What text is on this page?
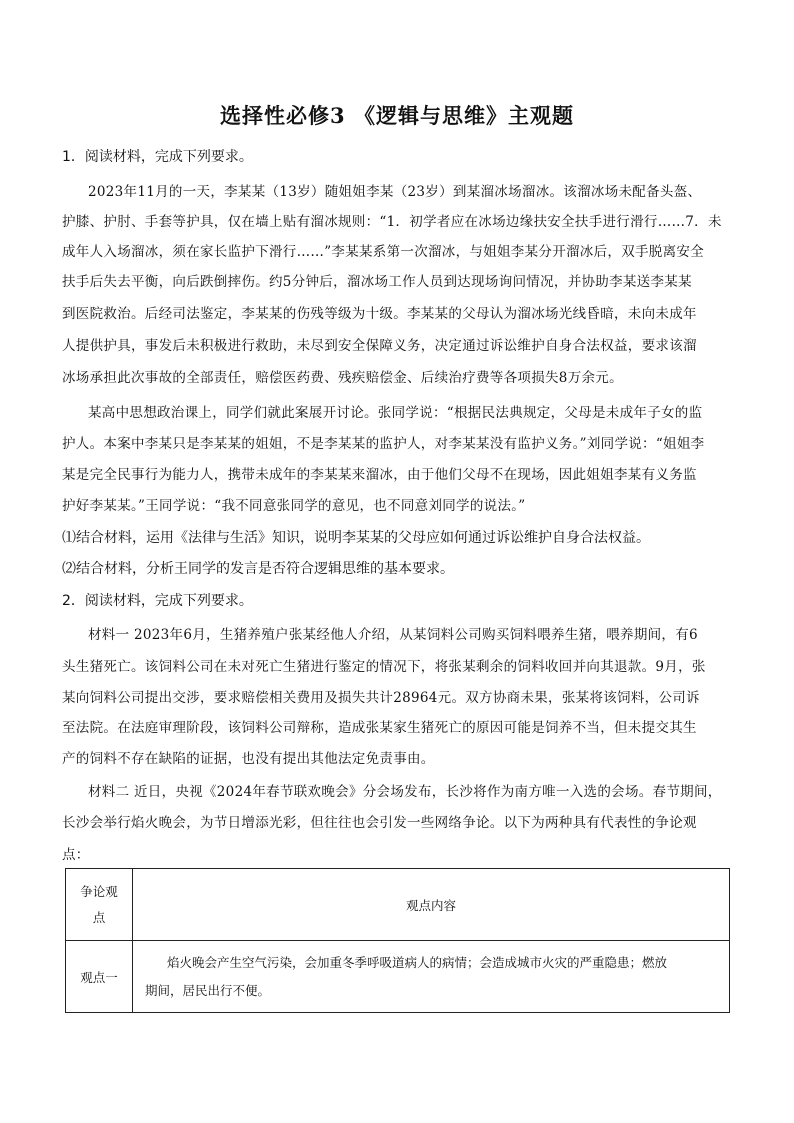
选择性必修3 《逻辑与思维》主观题
1．阅读材料，完成下列要求。
2023年11月的一天，李某某（13岁）随姐姐李某（23岁）到某溜冰场溜冰。该溜冰场未配备头盔、
护膝、护肘、手套等护具，仅在墙上贴有溜冰规则：“1．初学者应在冰场边缘扶安全扶手进行滑行……7．未
成年人入场溜冰，须在家长监护下滑行……”李某某系第一次溜冰，与姐姐李某分开溜冰后，双手脱离安全
扶手后失去平衡，向后跌倒摔伤。约5分钟后，溜冰场工作人员到达现场询问情况，并协助李某送李某某
到医院救治。后经司法鉴定，李某某的伤残等级为十级。李某某的父母认为溜冰场光线昏暗，未向未成年
人提供护具，事发后未积极进行救助，未尽到安全保障义务，决定通过诉讼维护自身合法权益，要求该溜
冰场承担此次事故的全部责任，赔偿医药费、残疾赔偿金、后续治疗费等各项损失8万余元。
某高中思想政治课上，同学们就此案展开讨论。张同学说：“根据民法典规定，父母是未成年子女的监
护人。本案中李某只是李某某的姐姐，不是李某某的监护人，对李某某没有监护义务。”刘同学说：“姐姐李
某是完全民事行为能力人，携带未成年的李某某来溜冰，由于他们父母不在现场，因此姐姐李某有义务监
护好李某某。”王同学说：“我不同意张同学的意见，也不同意刘同学的说法。”
⑴结合材料，运用《法律与生活》知识，说明李某某的父母应如何通过诉讼维护自身合法权益。
⑵结合材料，分析王同学的发言是否符合逻辑思维的基本要求。
2．阅读材料，完成下列要求。
材料一 2023年6月，生猪养殖户张某经他人介绍，从某饲料公司购买饲料喂养生猪，喂养期间，有6
头生猪死亡。该饲料公司在未对死亡生猪进行鉴定的情况下，将张某剩余的饲料收回并向其退款。9月，张
某向饲料公司提出交涉，要求赔偿相关费用及损失共计28964元。双方协商未果，张某将该饲料，公司诉
至法院。在法庭审理阶段，该饲料公司辩称，造成张某家生猪死亡的原因可能是饲养不当，但未提交其生
产的饲料不存在缺陷的证据，也没有提出其他法定免责事由。
材料二 近日，央视《2024年春节联欢晚会》分会场发布，长沙将作为南方唯一入选的会场。春节期间，
长沙会举行焰火晚会，为节日增添光彩，但往往也会引发一些网络争论。以下为两种具有代表性的争论观
点：
争论观
点	观点内容
观点一	焰火晚会产生空气污染，会加重冬季呼吸道病人的病情；会造成城市火灾的严重隐患；燃放
期间，居民出行不便。
